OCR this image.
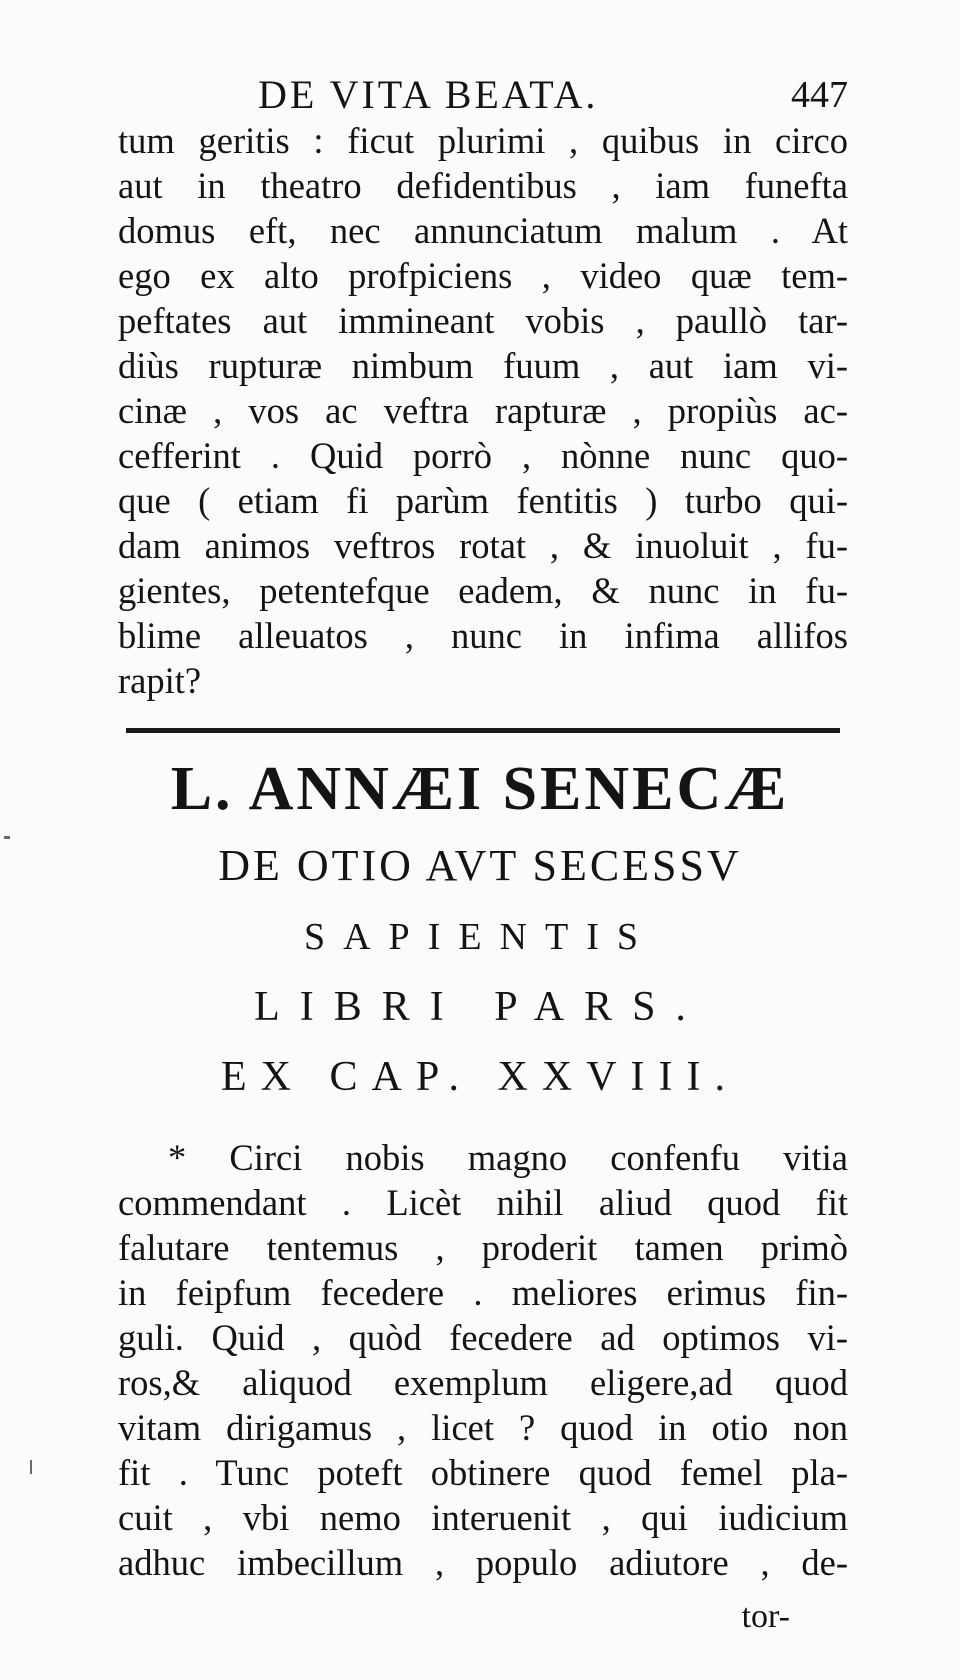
DE VITA BEATA.	447
tum geritis : ficut plurimi , quibus in circo
aut in theatro defidentibus , iam funefta
domus eft, nec annunciatum malum . At
ego ex alto profpiciens , video quæ tem-
peftates aut immineant vobis , paullò tar-
diùs rupturæ nimbum fuum , aut iam vi-
cinæ , vos ac veftra rapturæ , propiùs ac-
cefferint . Quid porrò , nònne nunc quo-
que ( etiam fi parùm fentitis ) turbo qui-
dam animos veftros rotat , & inuoluit , fu-
gientes, petentefque eadem, & nunc in fu-
blime alleuatos , nunc in infima allifos
rapit?
L. ANNÆI SENECÆ
DE OTIO AVT SECESSV
SAPIENTIS
LIBRI PARS.
EX CAP. XXVIII.
* Circi nobis magno confenfu vitia
commendant . Licèt nihil aliud quod fit
falutare tentemus , proderit tamen primò
in feipfum fecedere . meliores erimus fin-
guli. Quid , quòd fecedere ad optimos vi-
ros,& aliquod exemplum eligere,ad quod
vitam dirigamus , licet ? quod in otio non
fit . Tunc poteft obtinere quod femel pla-
cuit , vbi nemo interuenit , qui iudicium
adhuc imbecillum , populo adiutore , de-
tor-
